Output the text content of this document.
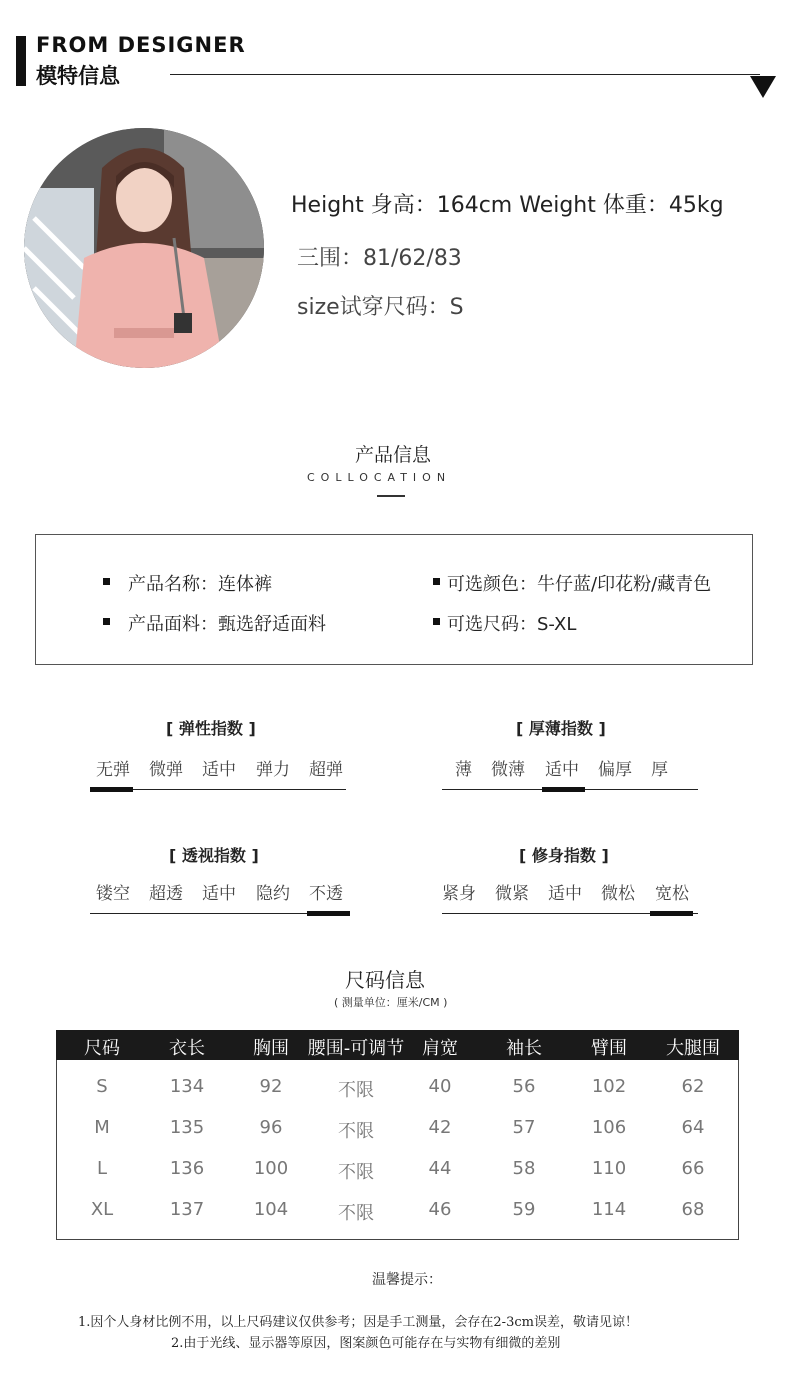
FROM DESIGNER
模特信息
Height 身高：164cm Weight 体重：45kg
三围：81/62/83
size试穿尺码：S
产品信息
COLLOCATION
产品名称：连体裤
产品面料：甄选舒适面料
可选颜色：牛仔蓝/印花粉/藏青色
可选尺码：S-XL
[ 弹性指数 ]
无弹 微弹 适中 弹力 超弹
[ 厚薄指数 ]
薄 微薄 适中 偏厚 厚
[ 透视指数 ]
镂空 超透 适中 隐约 不透
[ 修身指数 ]
紧身 微紧 适中 微松 宽松
尺码信息
( 测量单位：厘米/CM )
尺码	衣长	胸围	腰围-可调节 肩宽	袖长	臂围	大腿围
S	134	92	不限	40	56	102	62
M	135	96	不限	42	57	106	64
L	136	100	不限	44	58	110	66
XL	137	104	不限	46	59	114	68
温馨提示：
1.因个人身材比例不用，以上尺码建议仅供参考；因是手工测量，会存在2-3cm误差，敬请见谅！
2.由于光线、显示器等原因，图案颜色可能存在与实物有细微的差别
